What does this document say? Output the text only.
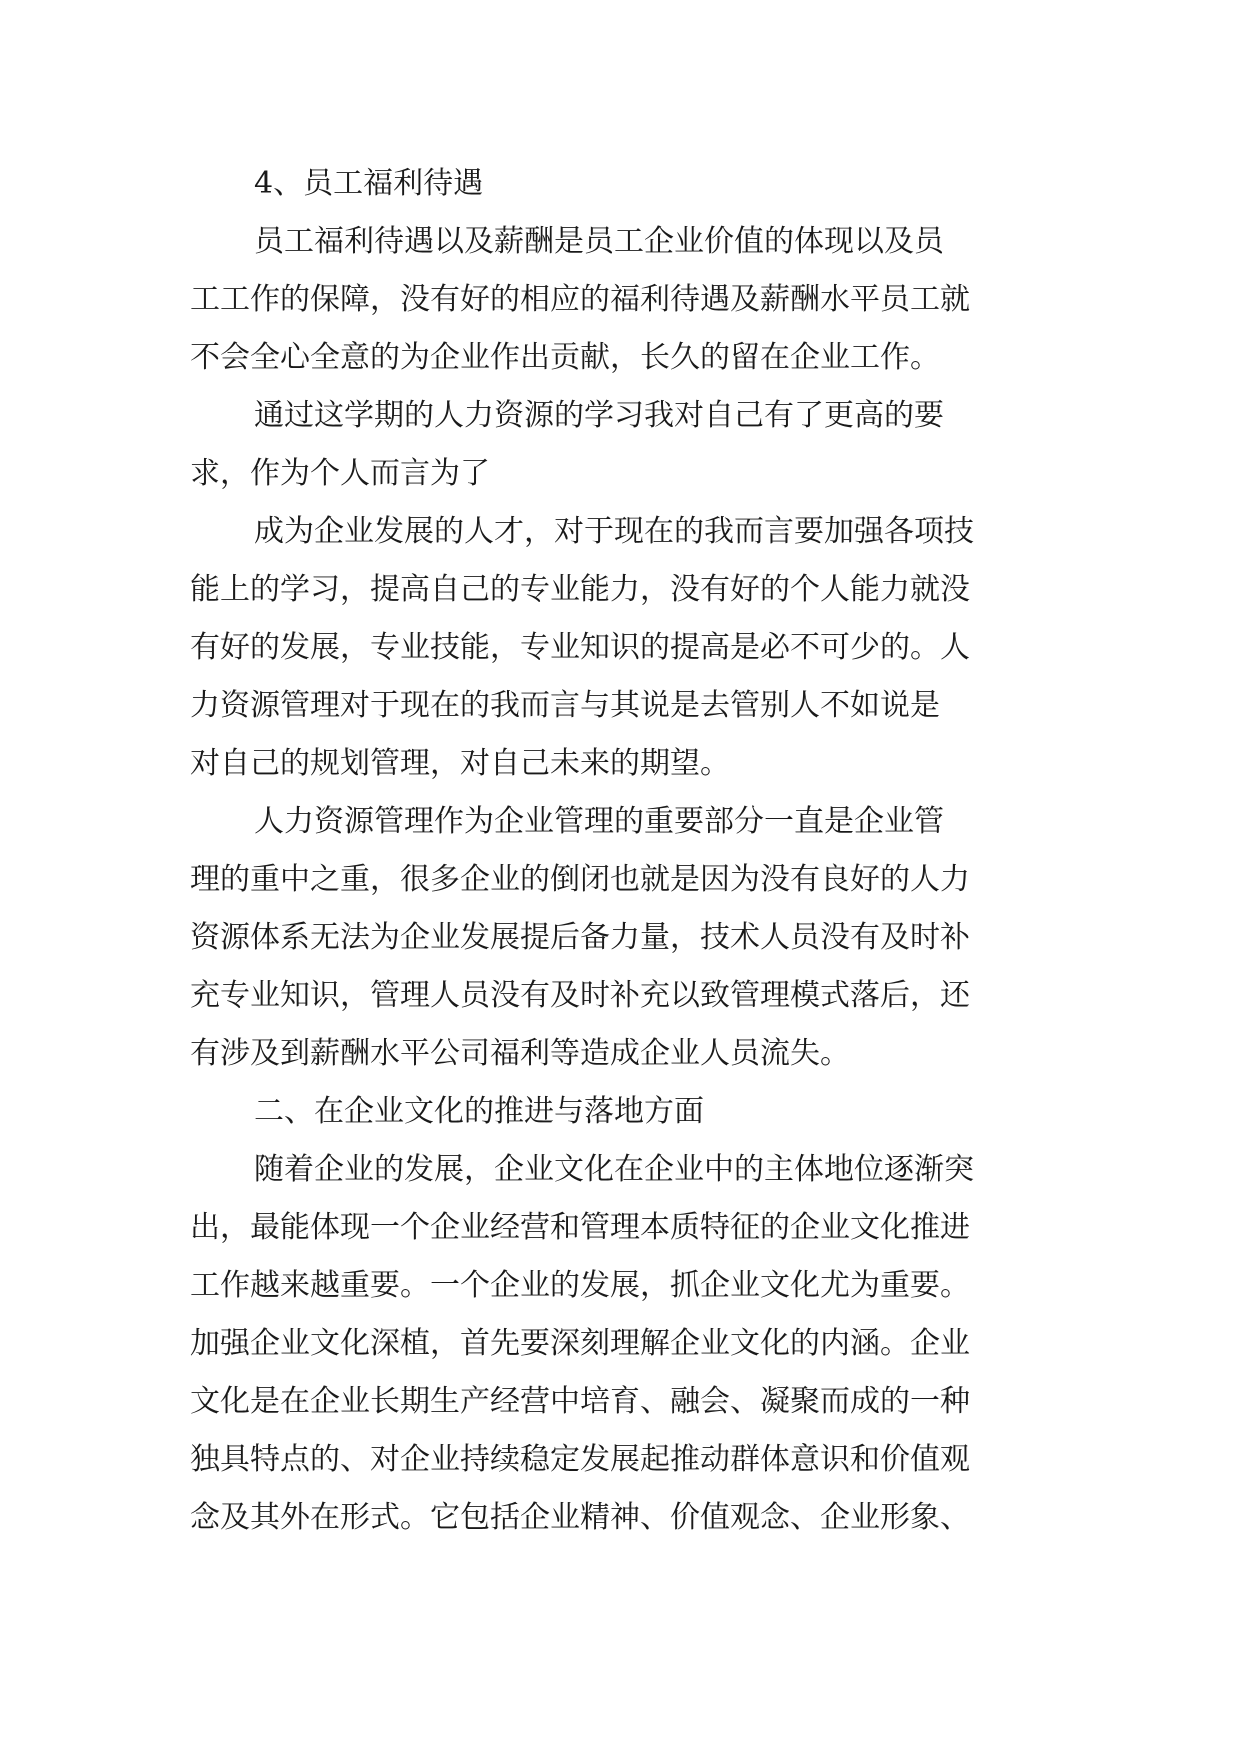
4、员工福利待遇
员工福利待遇以及薪酬是员工企业价值的体现以及员
工工作的保障，没有好的相应的福利待遇及薪酬水平员工就
不会全心全意的为企业作出贡献，长久的留在企业工作。
通过这学期的人力资源的学习我对自己有了更高的要
求，作为个人而言为了
成为企业发展的人才，对于现在的我而言要加强各项技
能上的学习，提高自己的专业能力，没有好的个人能力就没
有好的发展，专业技能，专业知识的提高是必不可少的。人
力资源管理对于现在的我而言与其说是去管别人不如说是
对自己的规划管理，对自己未来的期望。
人力资源管理作为企业管理的重要部分一直是企业管
理的重中之重，很多企业的倒闭也就是因为没有良好的人力
资源体系无法为企业发展提后备力量，技术人员没有及时补
充专业知识，管理人员没有及时补充以致管理模式落后，还
有涉及到薪酬水平公司福利等造成企业人员流失。
二、在企业文化的推进与落地方面
随着企业的发展，企业文化在企业中的主体地位逐渐突
出，最能体现一个企业经营和管理本质特征的企业文化推进
工作越来越重要。一个企业的发展，抓企业文化尤为重要。
加强企业文化深植，首先要深刻理解企业文化的内涵。企业
文化是在企业长期生产经营中培育、融会、凝聚而成的一种
独具特点的、对企业持续稳定发展起推动群体意识和价值观
念及其外在形式。它包括企业精神、价值观念、企业形象、
